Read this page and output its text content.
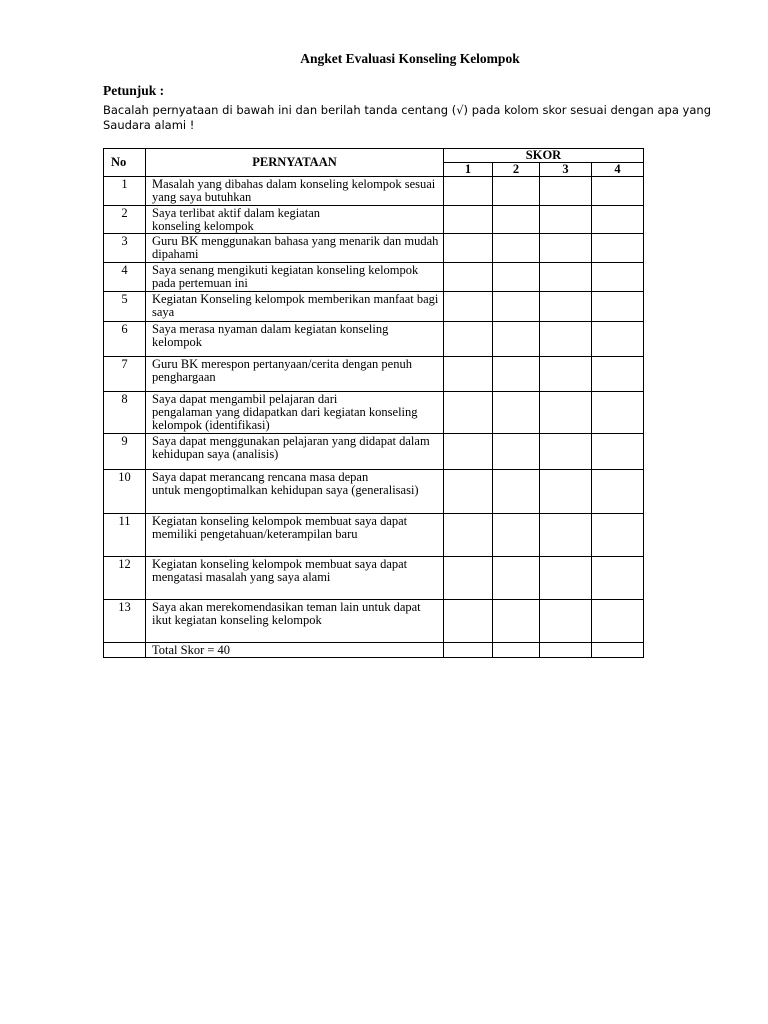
Angket Evaluasi Konseling Kelompok
Petunjuk :
Bacalah pernyataan di bawah ini dan berilah tanda centang (√) pada kolom skor sesuai dengan apa yang Saudara alami !
No	PERNYATAAN	SKOR			
		1	2	3	4
1	Masalah yang dibahas dalam konseling kelompok sesuai yang saya butuhkan				
2	Saya terlibat aktif dalam kegiatan
konseling kelompok				
3	Guru BK menggunakan bahasa yang menarik dan mudah dipahami				
4	Saya senang mengikuti kegiatan konseling kelompok pada pertemuan ini				
5	Kegiatan Konseling kelompok memberikan manfaat bagi saya				
6	Saya merasa nyaman dalam kegiatan konseling kelompok				
7	Guru BK merespon pertanyaan/cerita dengan penuh penghargaan				
8	Saya dapat mengambil pelajaran dari
pengalaman yang didapatkan dari kegiatan konseling kelompok (identifikasi)				
9	Saya dapat menggunakan pelajaran yang didapat dalam kehidupan saya (analisis)				
10	Saya dapat merancang rencana masa depan
untuk mengoptimalkan kehidupan saya (generalisasi)				
11	Kegiatan konseling kelompok membuat saya dapat memiliki pengetahuan/keterampilan baru				
12	Kegiatan konseling kelompok membuat saya dapat mengatasi masalah yang saya alami				
13	Saya akan merekomendasikan teman lain untuk dapat ikut kegiatan konseling kelompok				
	Total Skor = 40				
